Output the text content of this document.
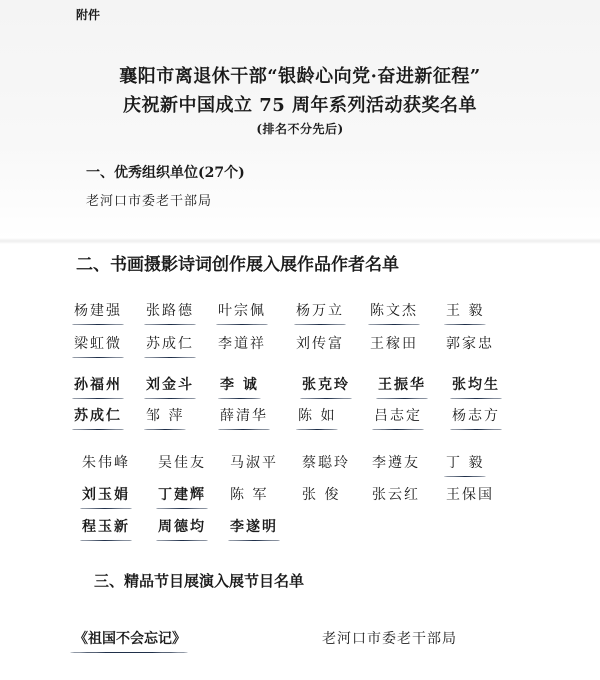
附件
襄阳市离退休干部“银龄心向党·奋进新征程”
庆祝新中国成立 75 周年系列活动获奖名单
(排名不分先后)
一、优秀组织单位(27个)
老河口市委老干部局
二、书画摄影诗词创作展入展作品作者名单
杨建强 张路德 叶宗佩 杨万立 陈文杰 王 毅
梁虹微 苏成仁 李道祥 刘传富 王稼田 郭家忠
孙福州 刘金斗 李 诚	张克玲 王振华 张均生
苏成仁 邹 萍	薛清华 陈 如	吕志定 杨志方
朱伟峰 吴佳友 马淑平 蔡聪玲 李遵友 丁 毅
刘玉娟 丁建辉 陈 军 张 俊 张云红 王保国
程玉新 周德均 李遂明
三、精品节目展演入展节目名单
《祖国不会忘记》	老河口市委老干部局
